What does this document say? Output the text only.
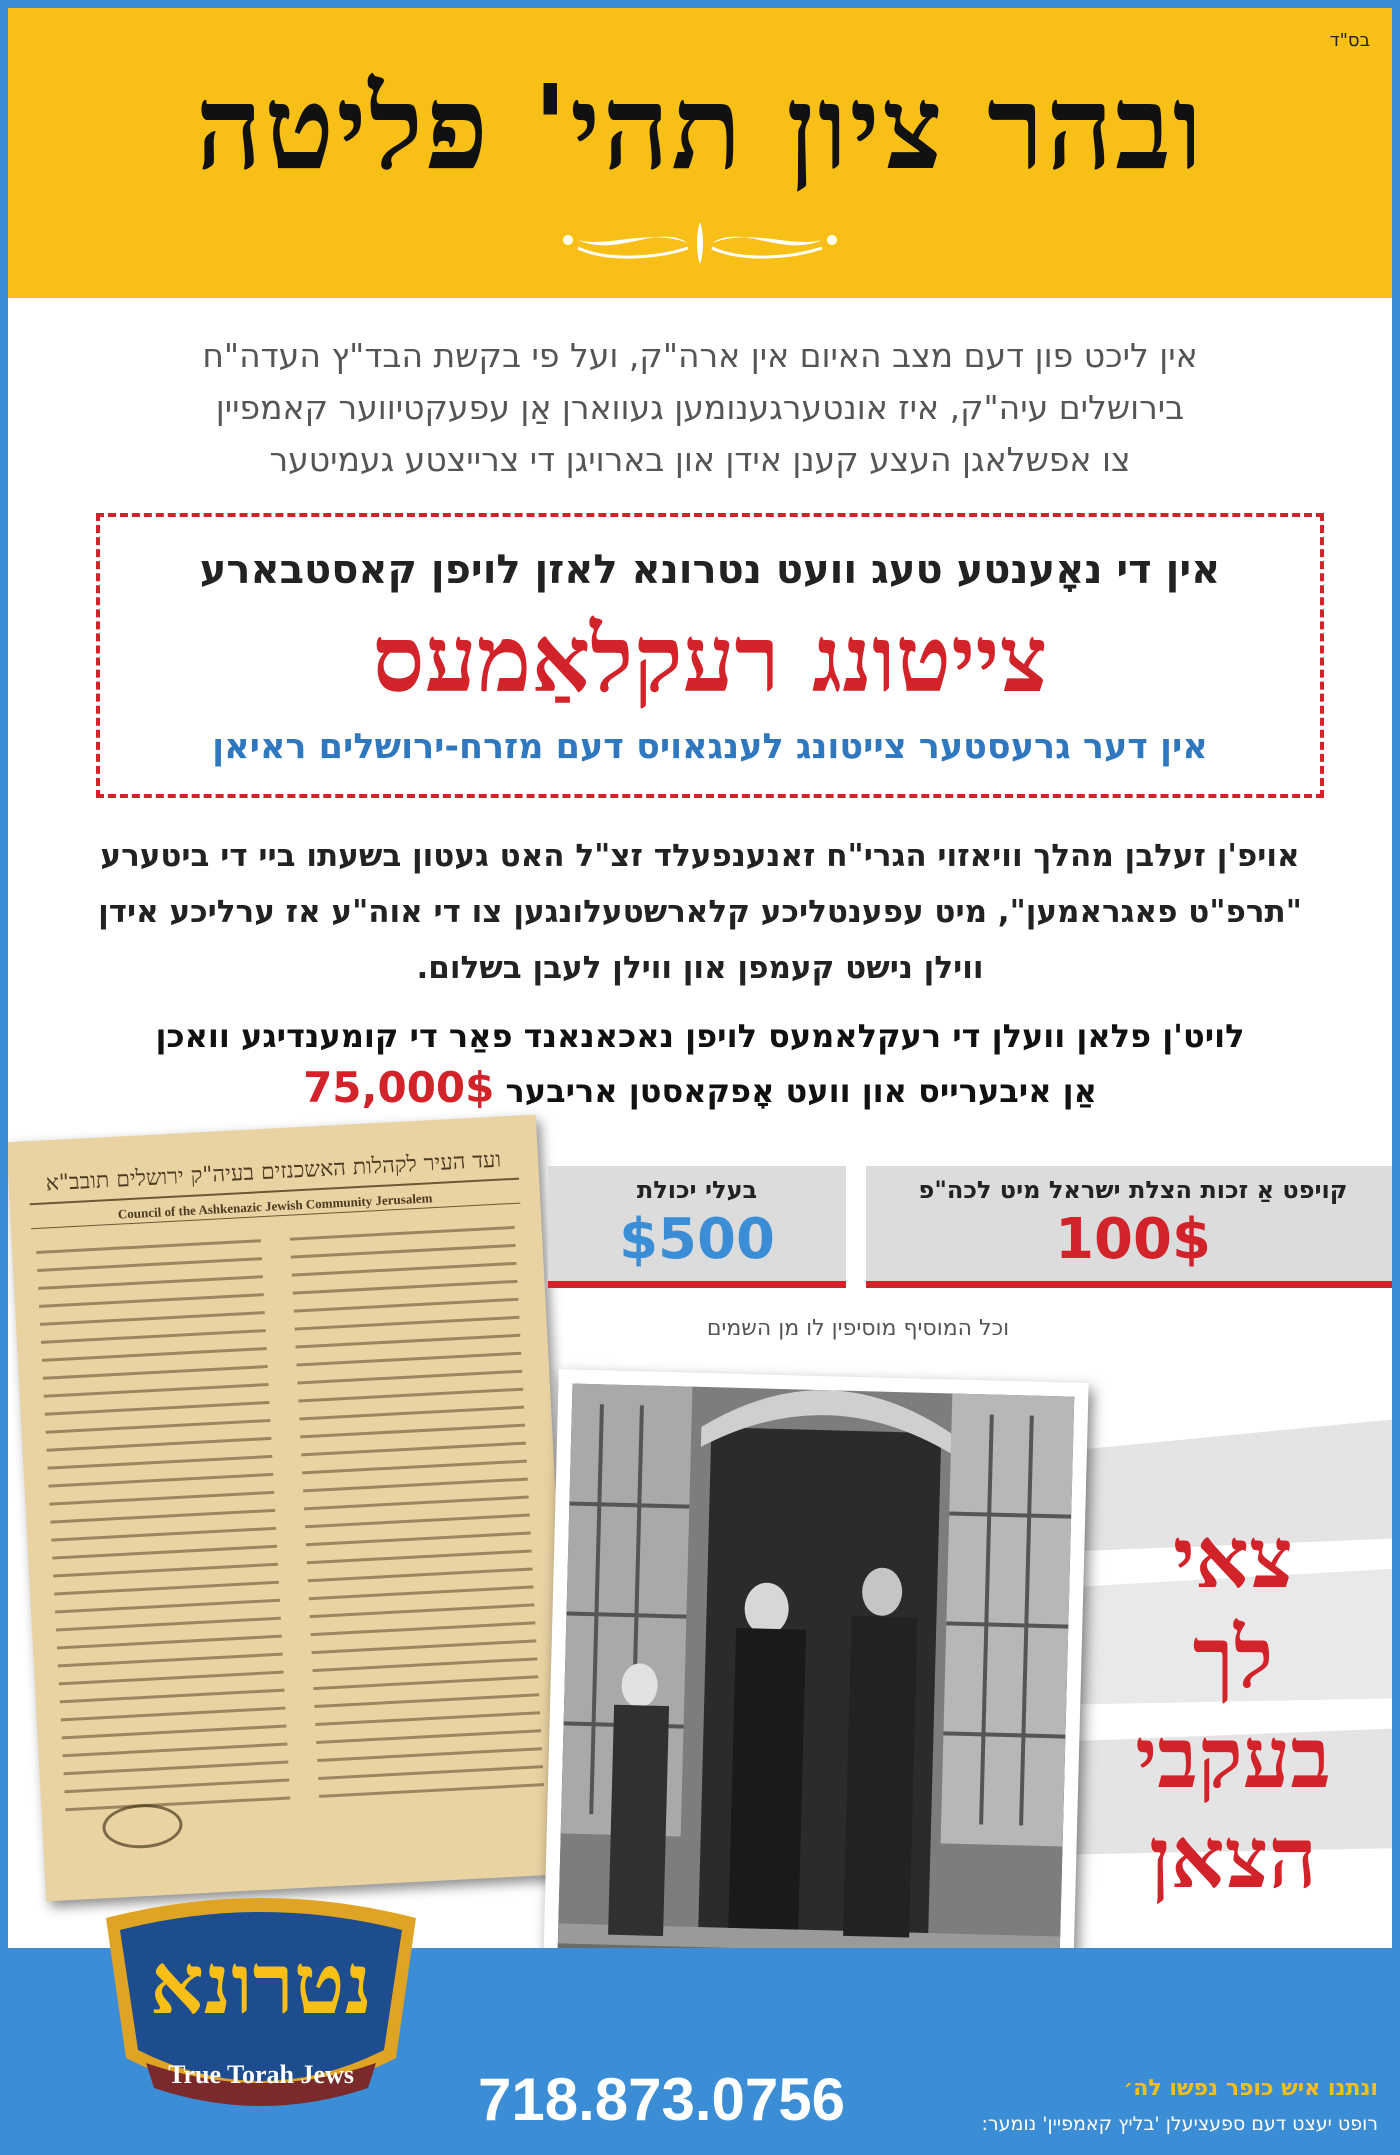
בס"ד
ובהר ציון תהי' פליטה
אין ליכט פון דעם מצב האיום אין ארה"ק, ועל פי בקשת הבד"ץ העדה"ח
בירושלים עיה"ק, איז אונטערגענומען געווארן אַן עפעקטיווער קאמפיין
צו אפשלאגן העצע קענן אידן און בארויגן די צרייצטע געמיטער
אין די נאָענטע טעג וועט נטרונא לאזן לויפן קאסטבארע
צייטונג רעקלאַמעס
אין דער גרעסטער צייטונג לענגאויס דעם מזרח-ירושלים ראיאן
אויפ'ן זעלבן מהלך וויאזוי הגרי"ח זאנענפעלד זצ"ל האט געטון בשעתו ביי די ביטערע
"תרפ"ט פאגראמען", מיט עפענטליכע קלארשטעלונגען צו די אוה"ע אז ערליכע אידן
ווילן נישט קעמפן און ווילן לעבן בשלום.
לויט'ן פלאן וועלן די רעקלאמעס לויפן נאכאנאנד פאַר די קומענדיגע וואכן
אַן איבערייס און וועט אָפקאסטן אריבער 75,000$
ועד העיר לקהלות האשכנזים בעיה"ק ירושלים תובב"א
Council of the Ashkenazic Jewish Community Jerusalem
קויפט אַ זכות הצלת ישראל מיט לכה"פ
100$
בעלי יכולת
$500
וכל המוסיף מוסיפין לו מן השמים
צאי
לך
בעקבי
הצאן
ונתנו איש כופר נפשו לה׳
רופט יעצט דעם ספעציעלן 'בליץ קאמפיין' נומער:
718.873.0756
נטרונא
True Torah Jews
